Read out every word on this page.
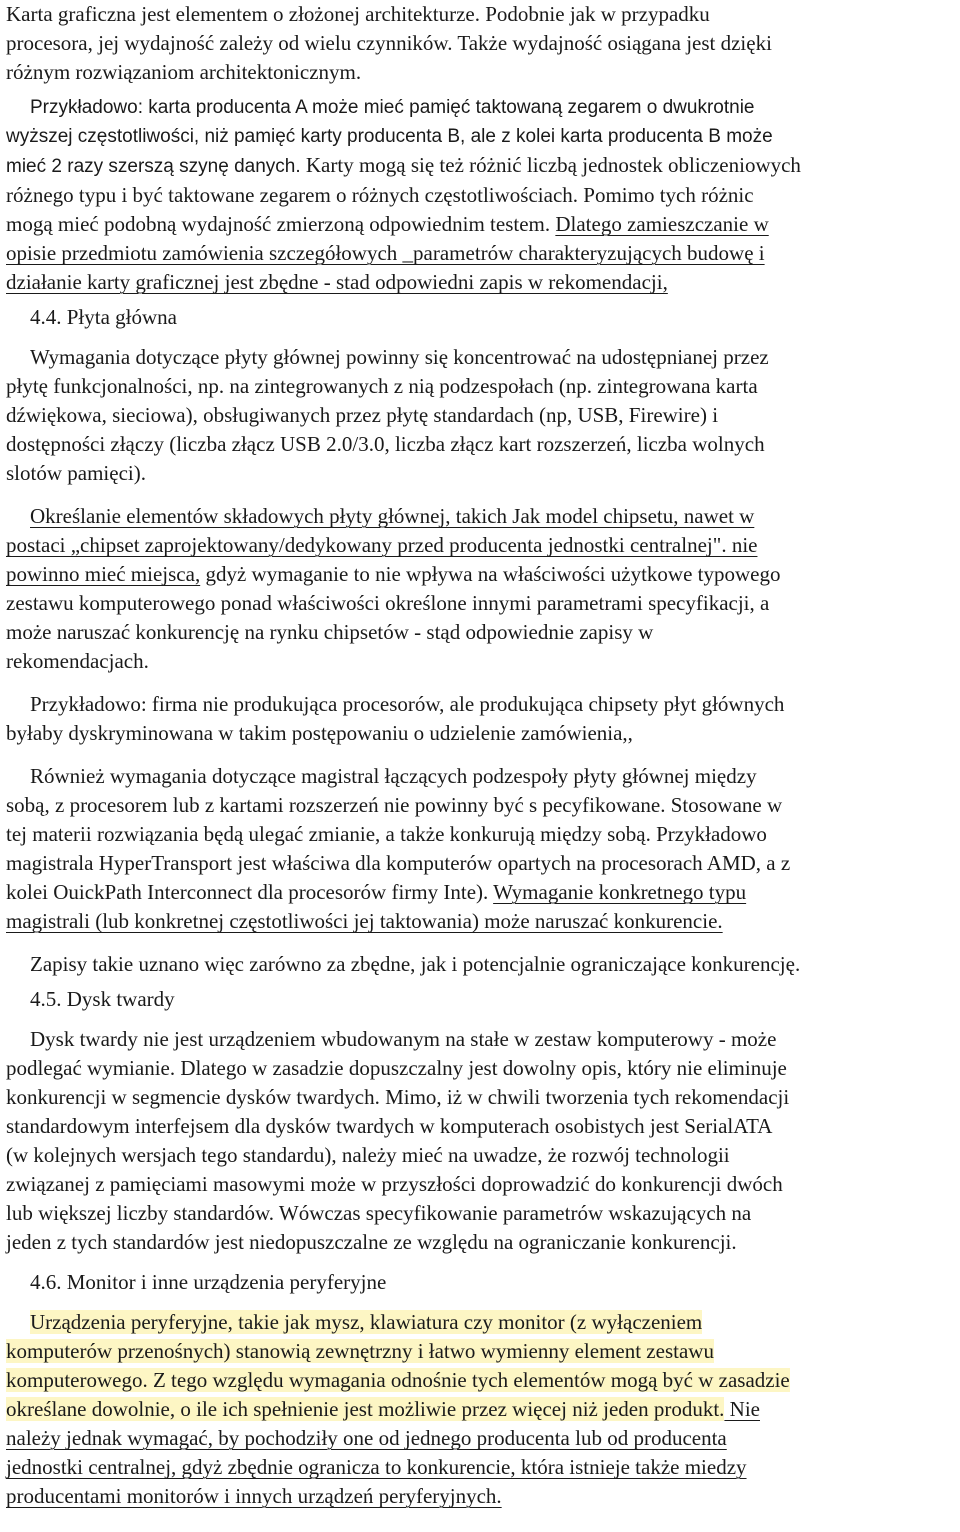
Karta graficzna jest elementem o złożonej architekturze. Podobnie jak w przypadku
procesora, jej wydajność zależy od wielu czynników. Także wydajność osiągana jest dzięki
różnym rozwiązaniom architektonicznym.
Przykładowo: karta producenta A może mieć pamięć taktowaną zegarem o dwukrotnie
wyższej częstotliwości, niż pamięć karty producenta B, ale z kolei karta producenta B może
mieć 2 razy szerszą szynę danych. Karty mogą się też różnić liczbą jednostek obliczeniowych
różnego typu i być taktowane zegarem o różnych częstotliwościach. Pomimo tych różnic
mogą mieć podobną wydajność zmierzoną odpowiednim testem. Dlatego zamieszczanie w
opisie przedmiotu zamówienia szczegółowych _parametrów charakteryzujących budowę i
działanie karty graficznej jest zbędne - stad odpowiedni zapis w rekomendacji,
4.4. Płyta główna
Wymagania dotyczące płyty głównej powinny się koncentrować na udostępnianej przez
płytę funkcjonalności, np. na zintegrowanych z nią podzespołach (np. zintegrowana karta
dźwiękowa, sieciowa), obsługiwanych przez płytę standardach (np, USB, Firewire) i
dostępności złączy (liczba złącz USB 2.0/3.0, liczba złącz kart rozszerzeń, liczba wolnych
slotów pamięci).
Określanie elementów składowych płyty głównej, takich Jak model chipsetu, nawet w
postaci „chipset zaprojektowany/dedykowany przed producenta jednostki centralnej". nie
powinno mieć miejsca, gdyż wymaganie to nie wpływa na właściwości użytkowe typowego
zestawu komputerowego ponad właściwości określone innymi parametrami specyfikacji, a
może naruszać konkurencję na rynku chipsetów - stąd odpowiednie zapisy w
rekomendacjach.
Przykładowo: firma nie produkująca procesorów, ale produkująca chipsety płyt głównych
byłaby dyskryminowana w takim postępowaniu o udzielenie zamówienia,,
Również wymagania dotyczące magistral łączących podzespoły płyty głównej między
sobą, z procesorem lub z kartami rozszerzeń nie powinny być s pecyfikowane. Stosowane w
tej materii rozwiązania będą ulegać zmianie, a także konkurują między sobą. Przykładowo
magistrala HyperTransport jest właściwa dla komputerów opartych na procesorach AMD, a z
kolei OuickPath Interconnect dla procesorów firmy Inte). Wymaganie konkretnego typu
magistrali (lub konkretnej częstotliwości jej taktowania) może naruszać konkurencie.
Zapisy takie uznano więc zarówno za zbędne, jak i potencjalnie ograniczające konkurencję.
4.5. Dysk twardy
Dysk twardy nie jest urządzeniem wbudowanym na stałe w zestaw komputerowy - może
podlegać wymianie. Dlatego w zasadzie dopuszczalny jest dowolny opis, który nie eliminuje
konkurencji w segmencie dysków twardych. Mimo, iż w chwili tworzenia tych rekomendacji
standardowym interfejsem dla dysków twardych w komputerach osobistych jest SerialATA
(w kolejnych wersjach tego standardu), należy mieć na uwadze, że rozwój technologii
związanej z pamięciami masowymi może w przyszłości doprowadzić do konkurencji dwóch
lub większej liczby standardów. Wówczas specyfikowanie parametrów wskazujących na
jeden z tych standardów jest niedopuszczalne ze względu na ograniczanie konkurencji.
4.6. Monitor i inne urządzenia peryferyjne
Urządzenia peryferyjne, takie jak mysz, klawiatura czy monitor (z wyłączeniem
komputerów przenośnych) stanowią zewnętrzny i łatwo wymienny element zestawu
komputerowego. Z tego względu wymagania odnośnie tych elementów mogą być w zasadzie
określane dowolnie, o ile ich spełnienie jest możliwie przez więcej niż jeden produkt. Nie
należy jednak wymagać, by pochodziły one od jednego producenta lub od producenta
jednostki centralnej, gdyż zbędnie ogranicza to konkurencie, która istnieje także miedzy
producentami monitorów i innych urządzeń peryferyjnych.
